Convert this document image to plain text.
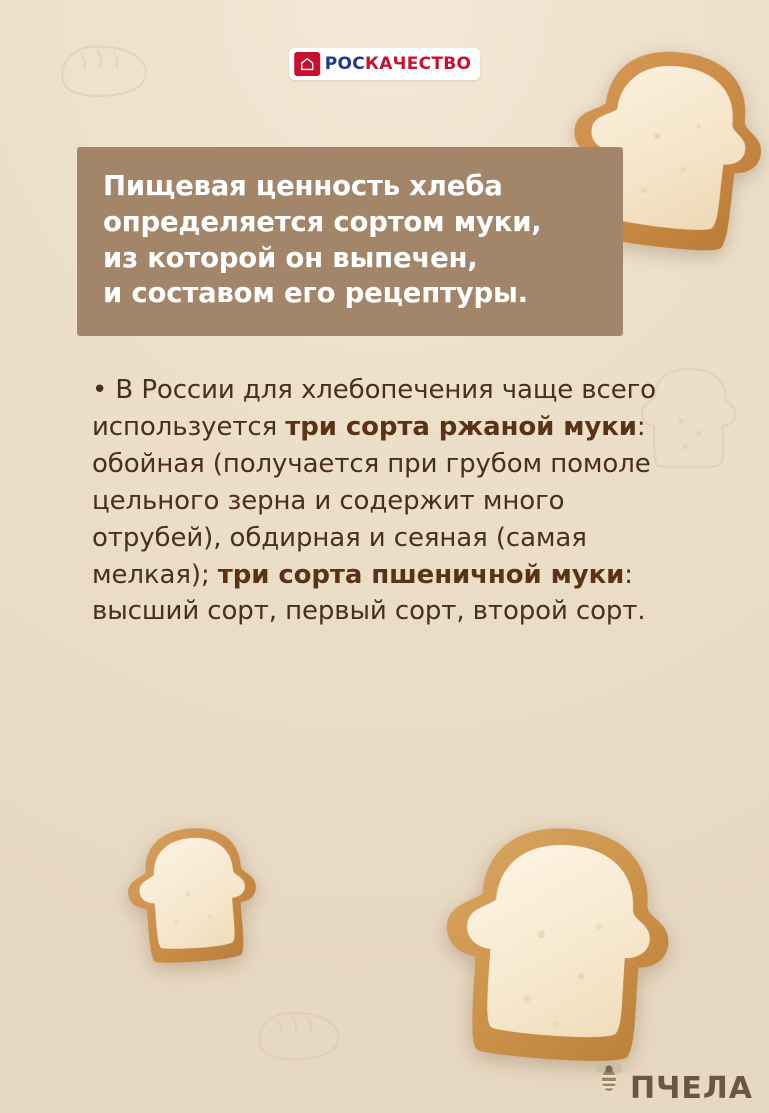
РОС КАЧЕСТВО

Пищевая ценность хлеба
определяется сортом муки,
из которой он выпечен,
и составом его рецептуры.

• В России для хлебопечения чаще всего используется три сорта ржаной муки: обойная (получается при грубом помоле цельного зерна и содержит много отрубей), обдирная и сеяная (самая мелкая); три сорта пшеничной муки: высший сорт, первый сорт, второй сорт.
ПЧЕЛА
